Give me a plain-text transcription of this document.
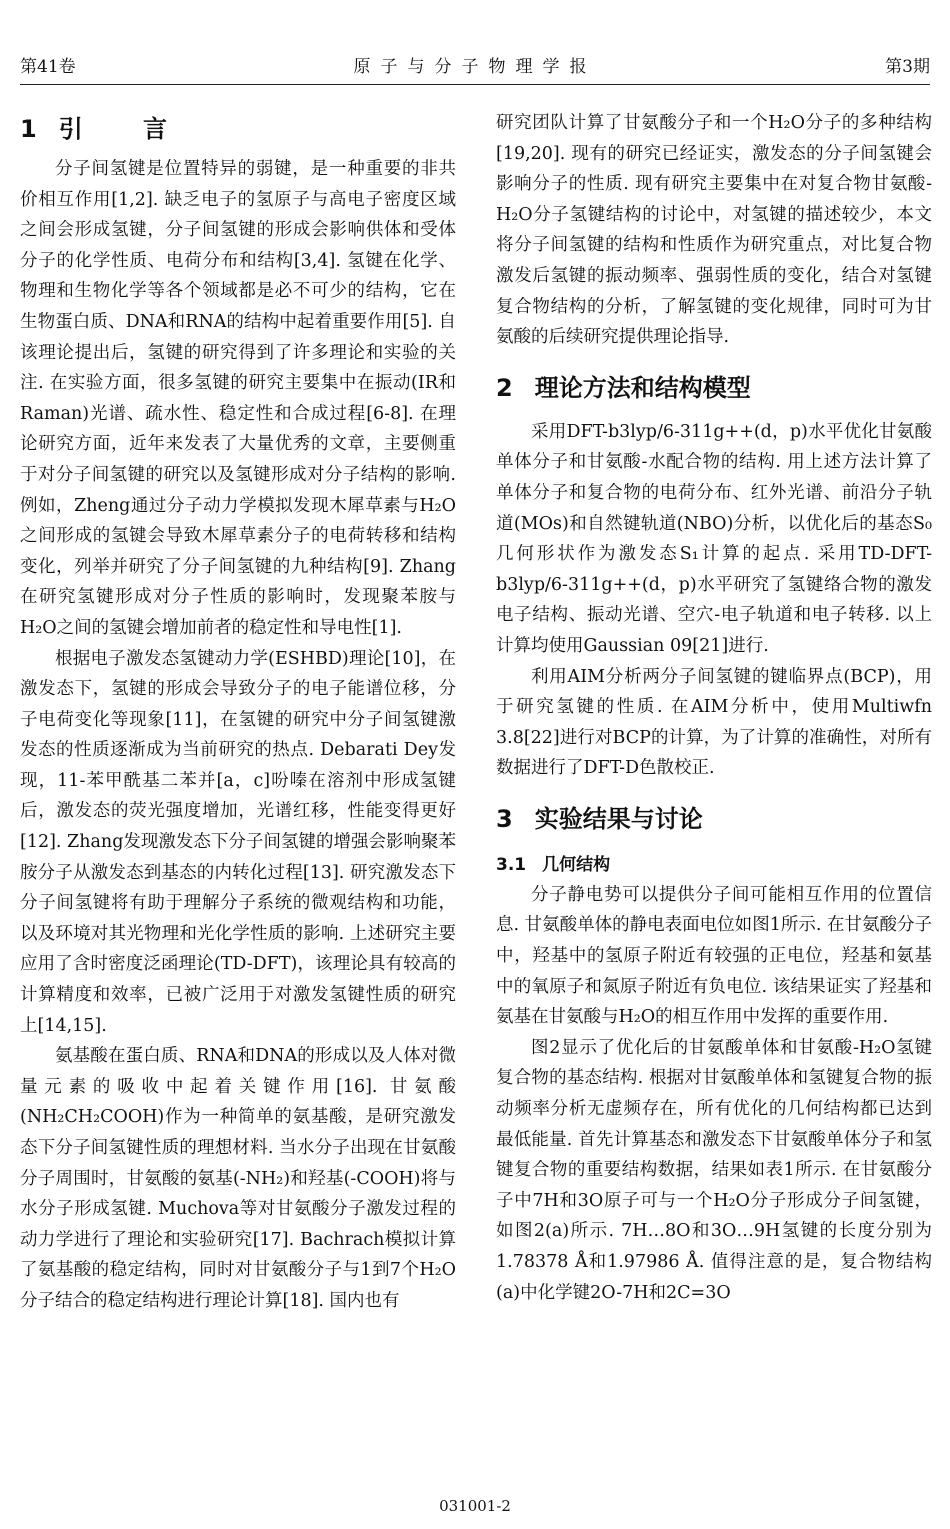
第41卷	原子与分子物理学报	第3期
1 引 言

分子间氢键是位置特异的弱键，是一种重要的非共价相互作用[1,2]. 缺乏电子的氢原子与高电子密度区域之间会形成氢键，分子间氢键的形成会影响供体和受体分子的化学性质、电荷分布和结构[3,4]. 氢键在化学、物理和生物化学等各个领域都是必不可少的结构，它在生物蛋白质、DNA和RNA的结构中起着重要作用[5]. 自该理论提出后，氢键的研究得到了许多理论和实验的关注. 在实验方面，很多氢键的研究主要集中在振动(IR和Raman)光谱、疏水性、稳定性和合成过程[6-8]. 在理论研究方面，近年来发表了大量优秀的文章，主要侧重于对分子间氢键的研究以及氢键形成对分子结构的影响. 例如，Zheng通过分子动力学模拟发现木犀草素与H₂O之间形成的氢键会导致木犀草素分子的电荷转移和结构变化，列举并研究了分子间氢键的九种结构[9]. Zhang在研究氢键形成对分子性质的影响时，发现聚苯胺与H₂O之间的氢键会增加前者的稳定性和导电性[1].

根据电子激发态氢键动力学(ESHBD)理论[10]，在激发态下，氢键的形成会导致分子的电子能谱位移，分子电荷变化等现象[11]，在氢键的研究中分子间氢键激发态的性质逐渐成为当前研究的热点. Debarati Dey发现，11-苯甲酰基二苯并[a，c]吩嗪在溶剂中形成氢键后，激发态的荧光强度增加，光谱红移，性能变得更好[12]. Zhang发现激发态下分子间氢键的增强会影响聚苯胺分子从激发态到基态的内转化过程[13]. 研究激发态下分子间氢键将有助于理解分子系统的微观结构和功能，以及环境对其光物理和光化学性质的影响. 上述研究主要应用了含时密度泛函理论(TD-DFT)，该理论具有较高的计算精度和效率，已被广泛用于对激发氢键性质的研究上[14,15].

氨基酸在蛋白质、RNA和DNA的形成以及人体对微量元素的吸收中起着关键作用[16]. 甘氨酸(NH₂CH₂COOH)作为一种简单的氨基酸，是研究激发态下分子间氢键性质的理想材料. 当水分子出现在甘氨酸分子周围时，甘氨酸的氨基(-NH₂)和羟基(-COOH)将与水分子形成氢键. Muchova等对甘氨酸分子激发过程的动力学进行了理论和实验研究[17]. Bachrach模拟计算了氨基酸的稳定结构，同时对甘氨酸分子与1到7个H₂O分子结合的稳定结构进行理论计算[18]. 国内也有

研究团队计算了甘氨酸分子和一个H₂O分子的多种结构[19,20]. 现有的研究已经证实，激发态的分子间氢键会影响分子的性质. 现有研究主要集中在对复合物甘氨酸-H₂O分子氢键结构的讨论中，对氢键的描述较少，本文将分子间氢键的结构和性质作为研究重点，对比复合物激发后氢键的振动频率、强弱性质的变化，结合对氢键复合物结构的分析，了解氢键的变化规律，同时可为甘氨酸的后续研究提供理论指导.

2 理论方法和结构模型

采用DFT-b3lyp/6-311g++(d，p)水平优化甘氨酸单体分子和甘氨酸-水配合物的结构. 用上述方法计算了单体分子和复合物的电荷分布、红外光谱、前沿分子轨道(MOs)和自然键轨道(NBO)分析，以优化后的基态S₀几何形状作为激发态S₁计算的起点. 采用TD-DFT-b3lyp/6-311g++(d，p)水平研究了氢键络合物的激发电子结构、振动光谱、空穴-电子轨道和电子转移. 以上计算均使用Gaussian 09[21]进行.

利用AIM分析两分子间氢键的键临界点(BCP)，用于研究氢键的性质. 在AIM分析中，使用Multiwfn 3.8[22]进行对BCP的计算，为了计算的准确性，对所有数据进行了DFT-D色散校正.

3 实验结果与讨论
3.1 几何结构

分子静电势可以提供分子间可能相互作用的位置信息. 甘氨酸单体的静电表面电位如图1所示. 在甘氨酸分子中，羟基中的氢原子附近有较强的正电位，羟基和氨基中的氧原子和氮原子附近有负电位. 该结果证实了羟基和氨基在甘氨酸与H₂O的相互作用中发挥的重要作用.

图2显示了优化后的甘氨酸单体和甘氨酸-H₂O氢键复合物的基态结构. 根据对甘氨酸单体和氢键复合物的振动频率分析无虚频存在，所有优化的几何结构都已达到最低能量. 首先计算基态和激发态下甘氨酸单体分子和氢键复合物的重要结构数据，结果如表1所示. 在甘氨酸分子中7H和3O原子可与一个H₂O分子形成分子间氢键，如图2(a)所示. 7H…8O和3O…9H氢键的长度分别为1.78378 Å和1.97986 Å. 值得注意的是，复合物结构(a)中化学键2O-7H和2C=3O

031001-2
